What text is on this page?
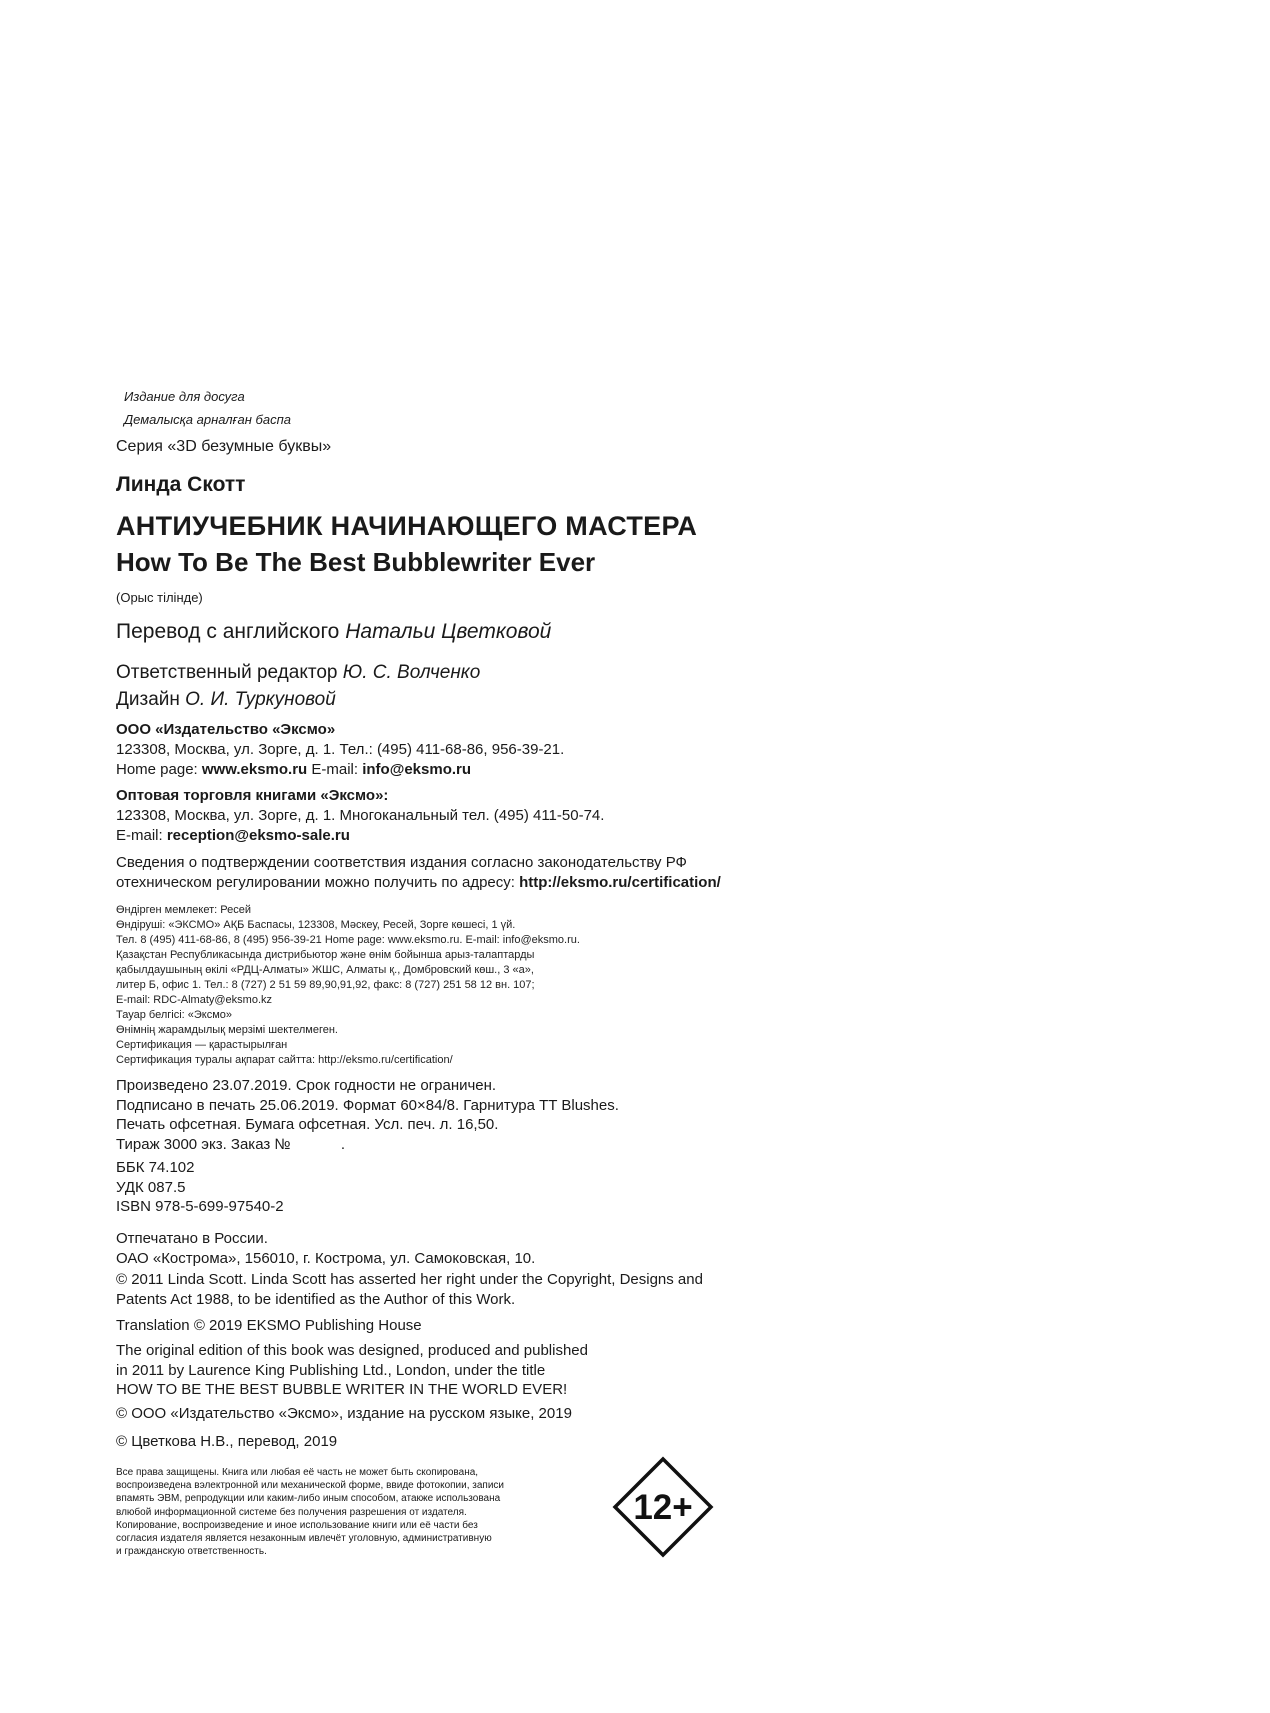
Издание для досуга
Демалысқа арналған баспа
Серия «3D безумные буквы»
Линда Скотт
АНТИУЧЕБНИК НАЧИНАЮЩЕГО МАСТЕРА
How To Be The Best Bubblewriter Ever
(Орыс тілінде)
Перевод с английского Натальи Цветковой
Ответственный редактор Ю. С. Волченко
Дизайн О. И. Туркуновой
ООО «Издательство «Эксмо»
123308, Москва, ул. Зорге, д. 1. Тел.: (495) 411-68-86, 956-39-21.
Home page: www.eksmo.ru E-mail: info@eksmo.ru
Оптовая торговля книгами «Эксмо»:
123308, Москва, ул. Зорге, д. 1. Многоканальный тел. (495) 411-50-74.
E-mail: reception@eksmo-sale.ru
Сведения о подтверждении соответствия издания согласно законодательству РФ
отехническом регулировании можно получить по адресу: http://eksmo.ru/certification/
Өндірген мемлекет: Ресей
Өндіруші: «ЭКСМО» АҚБ Баспасы, 123308, Мәскеу, Ресей, Зорге көшесі, 1 үй.
Тел. 8 (495) 411-68-86, 8 (495) 956-39-21 Home page: www.eksmo.ru. E-mail: info@eksmo.ru.
Қазақстан Республикасында дистрибьютор және өнім бойынша арыз-талаптарды
қабылдаушының өкілі «РДЦ-Алматы» ЖШС, Алматы қ., Домбровский көш., 3 «а»,
литер Б, офис 1. Тел.: 8 (727) 2 51 59 89,90,91,92, факс: 8 (727) 251 58 12 вн. 107;
E-mail: RDC-Almaty@eksmo.kz
Тауар белгісі: «Эксмо»
Өнімнің жарамдылық мерзімі шектелмеген.
Сертификация — қарастырылған
Сертификация туралы ақпарат сайтта: http://eksmo.ru/certification/
Произведено 23.07.2019. Срок годности не ограничен.
Подписано в печать 25.06.2019. Формат 60×84/8. Гарнитура TT Blushes.
Печать офсетная. Бумага офсетная. Усл. печ. л. 16,50.
Тираж 3000 экз. Заказ №	.
ББК 74.102
УДК 087.5
ISBN 978-5-699-97540-2
Отпечатано в России.
ОАО «Кострома», 156010, г. Кострома, ул. Самоковская, 10.
© 2011 Linda Scott. Linda Scott has asserted her right under the Copyright, Designs and
Patents Act 1988, to be identified as the Author of this Work.
Translation © 2019 EKSMO Publishing House
The original edition of this book was designed, produced and published
in 2011 by Laurence King Publishing Ltd., London, under the title
HOW TO BE THE BEST BUBBLE WRITER IN THE WORLD EVER!
© ООО «Издательство «Эксмо», издание на русском языке, 2019
© Цветкова Н.В., перевод, 2019
Все права защищены. Книга или любая её часть не может быть скопирована,
воспроизведена вэлектронной или механической форме, ввиде фотокопии, записи
впамять ЭВМ, репродукции или каким-либо иным способом, атакже использована
влюбой информационной системе без получения разрешения от издателя.
Копирование, воспроизведение и иное использование книги или её части без
согласия издателя является незаконным ивлечёт уголовную, административную
и гражданскую ответственность.
12+
